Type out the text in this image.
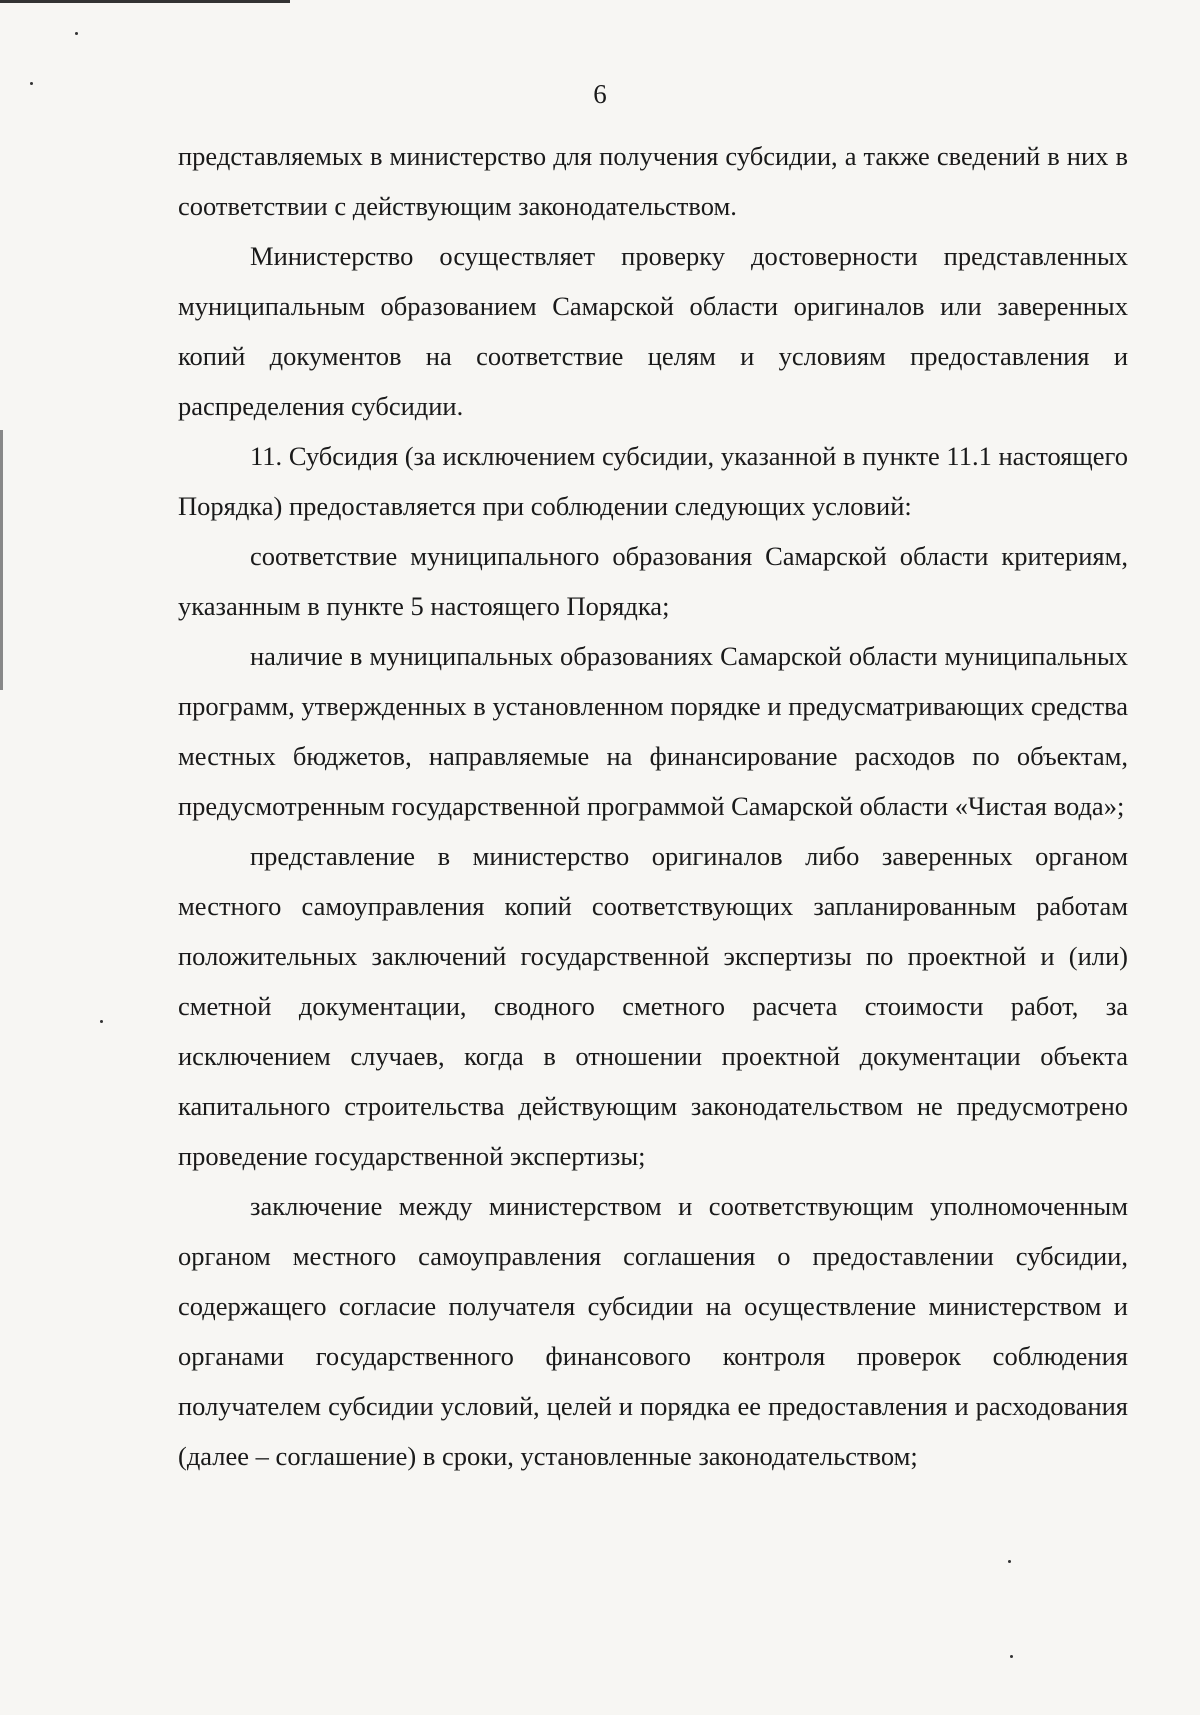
6

представляемых в министерство для получения субсидии, а также сведений в них в соответствии с действующим законодательством.

Министерство осуществляет проверку достоверности представленных муниципальным образованием Самарской области оригиналов или заверенных копий документов на соответствие целям и условиям предоставления и распределения субсидии.

11. Субсидия (за исключением субсидии, указанной в пункте 11.1 настоящего Порядка) предоставляется при соблюдении следующих условий:

соответствие муниципального образования Самарской области критериям, указанным в пункте 5 настоящего Порядка;

наличие в муниципальных образованиях Самарской области муниципальных программ, утвержденных в установленном порядке и предусматривающих средства местных бюджетов, направляемые на финансирование расходов по объектам, предусмотренным государственной программой Самарской области «Чистая вода»;

представление в министерство оригиналов либо заверенных органом местного самоуправления копий соответствующих запланированным работам положительных заключений государственной экспертизы по проектной и (или) сметной документации, сводного сметного расчета стоимости работ, за исключением случаев, когда в отношении проектной документации объекта капитального строительства действующим законодательством не предусмотрено проведение государственной экспертизы;

заключение между министерством и соответствующим уполномоченным органом местного самоуправления соглашения о предоставлении субсидии, содержащего согласие получателя субсидии на осуществление министерством и органами государственного финансового контроля проверок соблюдения получателем субсидии условий, целей и порядка ее предоставления и расходования (далее – соглашение) в сроки, установленные законодательством;
